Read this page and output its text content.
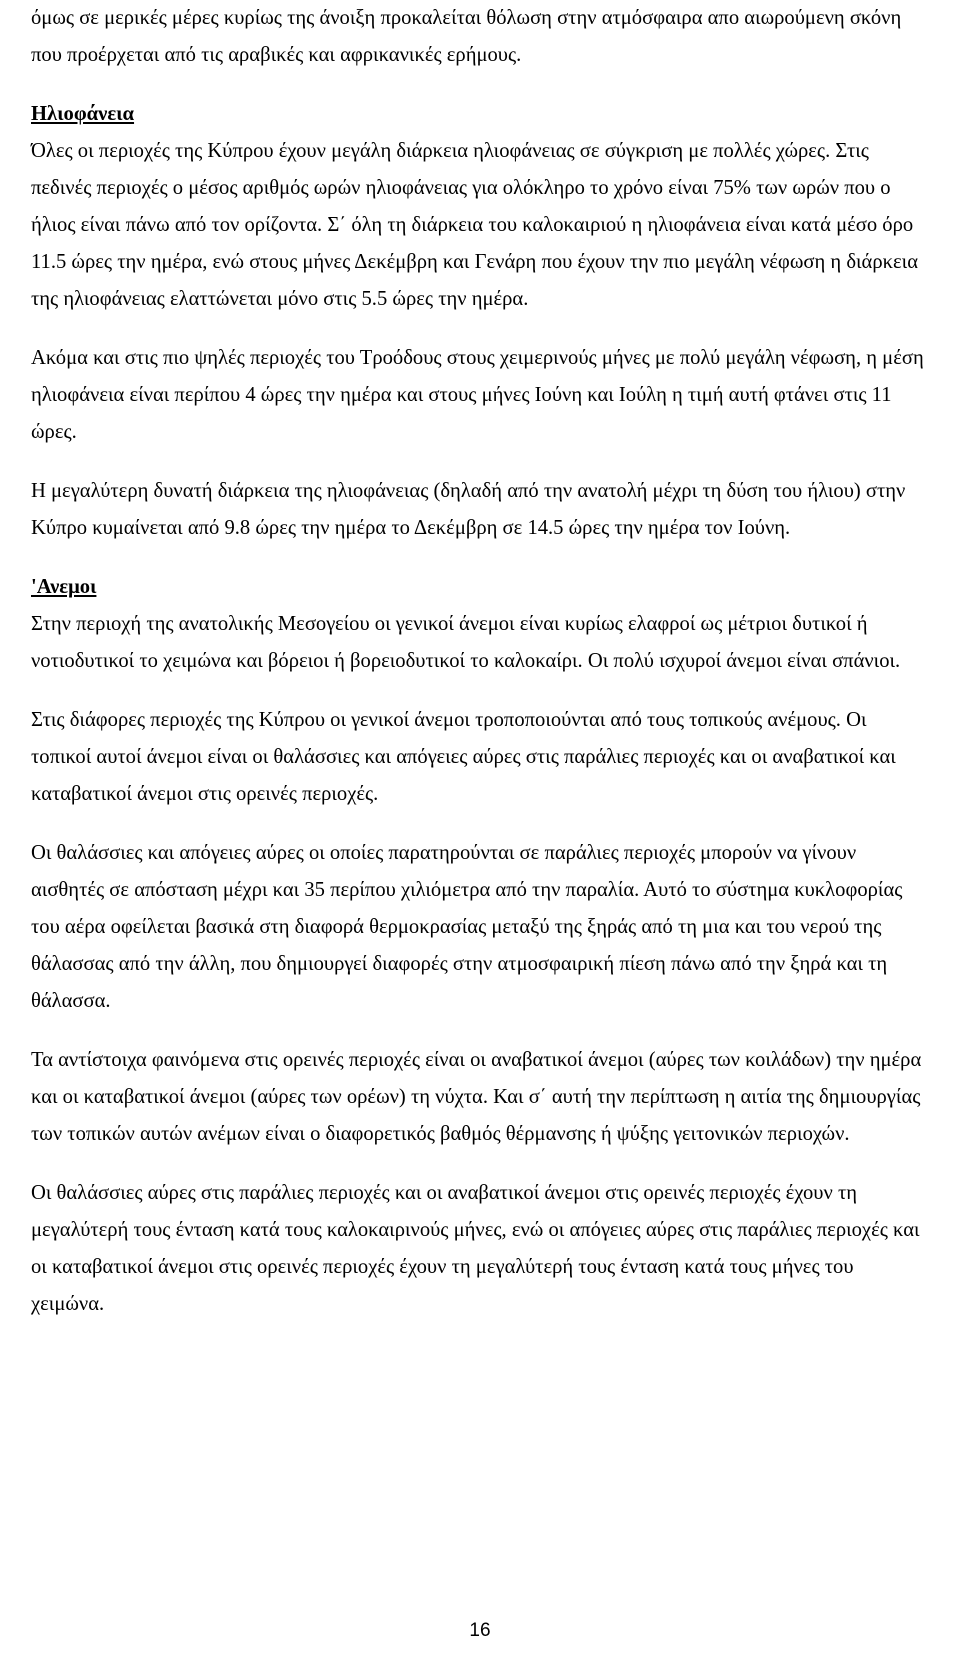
όμως σε μερικές μέρες κυρίως της άνοιξη προκαλείται θόλωση στην ατμόσφαιρα απο αιωρούμενη σκόνη που προέρχεται από τις αραβικές και αφρικανικές ερήμους.

Ηλιοφάνεια

Όλες οι περιοχές της Κύπρου έχουν μεγάλη διάρκεια ηλιοφάνειας σε σύγκριση με πολλές χώρες. Στις πεδινές περιοχές ο μέσος αριθμός ωρών ηλιοφάνειας για ολόκληρο το χρόνο είναι 75% των ωρών που ο ήλιος είναι πάνω από τον ορίζοντα. Σ΄ όλη τη διάρκεια του καλοκαιριού η ηλιοφάνεια είναι κατά μέσο όρο 11.5 ώρες την ημέρα, ενώ στους μήνες Δεκέμβρη και Γενάρη που έχουν την πιο μεγάλη νέφωση η διάρκεια της ηλιοφάνειας ελαττώνεται μόνο στις 5.5 ώρες την ημέρα.

Ακόμα και στις πιο ψηλές περιοχές του Τροόδους στους χειμερινούς μήνες με πολύ μεγάλη νέφωση, η μέση ηλιοφάνεια είναι περίπου 4 ώρες την ημέρα και στους μήνες Ιούνη και Ιούλη η τιμή αυτή φτάνει στις 11 ώρες.

Η μεγαλύτερη δυνατή διάρκεια της ηλιοφάνειας (δηλαδή από την ανατολή μέχρι τη δύση του ήλιου) στην Κύπρο κυμαίνεται από 9.8 ώρες την ημέρα το Δεκέμβρη σε 14.5 ώρες την ημέρα τον Ιούνη.

'Ανεμοι

Στην περιοχή της ανατολικής Μεσογείου οι γενικοί άνεμοι είναι κυρίως ελαφροί ως μέτριοι δυτικοί ή νοτιοδυτικοί το χειμώνα και βόρειοι ή βορειοδυτικοί το καλοκαίρι. Οι πολύ ισχυροί άνεμοι είναι σπάνιοι.

Στις διάφορες περιοχές της Κύπρου οι γενικοί άνεμοι τροποποιούνται από τους τοπικούς ανέμους. Οι τοπικοί αυτοί άνεμοι είναι οι θαλάσσιες και απόγειες αύρες στις παράλιες περιοχές και οι αναβατικοί και καταβατικοί άνεμοι στις ορεινές περιοχές.

Οι θαλάσσιες και απόγειες αύρες οι οποίες παρατηρούνται σε παράλιες περιοχές μπορούν να γίνουν αισθητές σε απόσταση μέχρι και 35 περίπου χιλιόμετρα από την παραλία. Αυτό το σύστημα κυκλοφορίας του αέρα οφείλεται βασικά στη διαφορά θερμοκρασίας μεταξύ της ξηράς από τη μια και του νερού της θάλασσας από την άλλη, που δημιουργεί διαφορές στην ατμοσφαιρική πίεση πάνω από την ξηρά και τη θάλασσα.

Τα αντίστοιχα φαινόμενα στις ορεινές περιοχές είναι οι αναβατικοί άνεμοι (αύρες των κοιλάδων) την ημέρα και οι καταβατικοί άνεμοι (αύρες των ορέων) τη νύχτα. Και σ΄ αυτή την περίπτωση η αιτία της δημιουργίας των τοπικών αυτών ανέμων είναι ο διαφορετικός βαθμός θέρμανσης ή ψύξης γειτονικών περιοχών.

Οι θαλάσσιες αύρες στις παράλιες περιοχές και οι αναβατικοί άνεμοι στις ορεινές περιοχές έχουν τη μεγαλύτερή τους ένταση κατά τους καλοκαιρινούς μήνες, ενώ οι απόγειες αύρες στις παράλιες περιοχές και οι καταβατικοί άνεμοι στις ορεινές περιοχές έχουν τη μεγαλύτερή τους ένταση κατά τους μήνες του χειμώνα.

16
